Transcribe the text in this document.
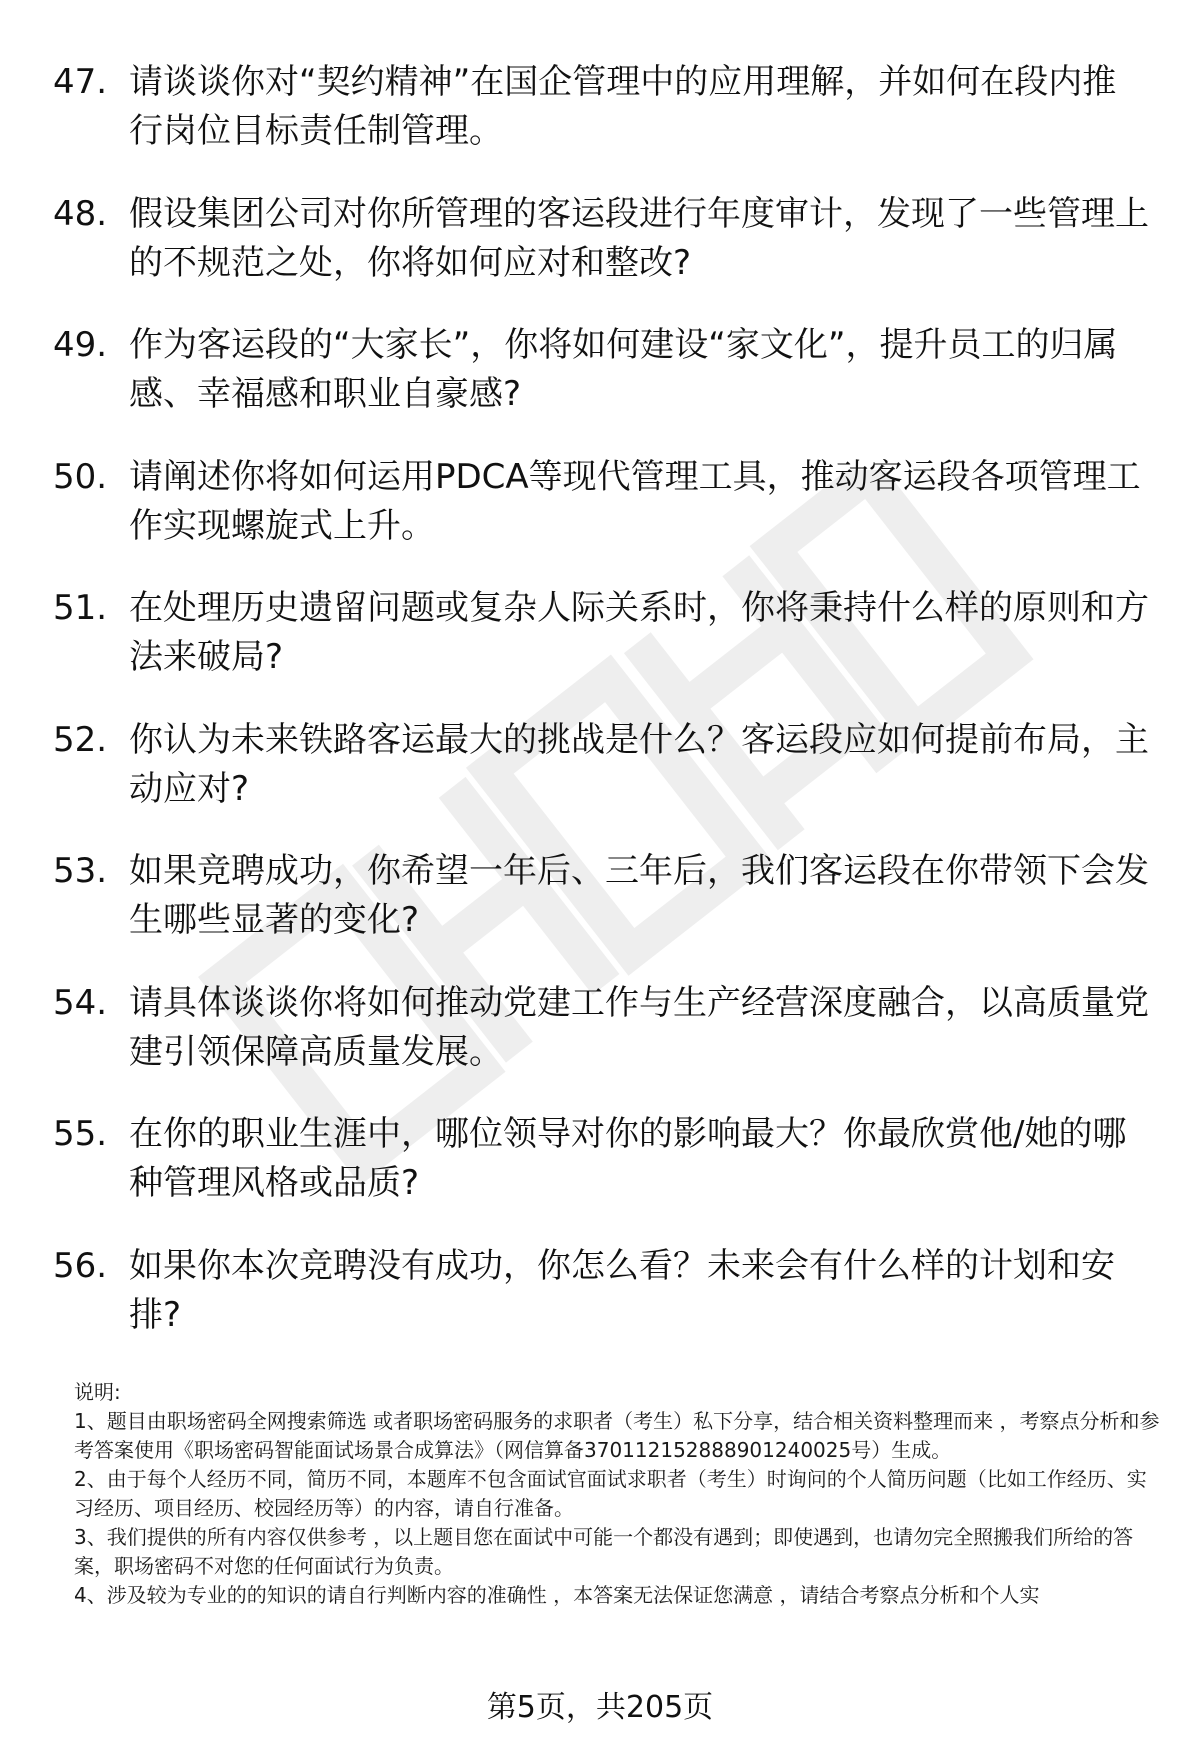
47. 请谈谈你对“契约精神”在国企管理中的应用理解，并如何在段内推行岗位目标责任制管理。
48. 假设集团公司对你所管理的客运段进行年度审计，发现了一些管理上的不规范之处，你将如何应对和整改?
49. 作为客运段的“大家长”，你将如何建设“家文化”，提升员工的归属感、幸福感和职业自豪感?
50. 请阐述你将如何运用PDCA等现代管理工具，推动客运段各项管理工作实现螺旋式上升。
51. 在处理历史遗留问题或复杂人际关系时，你将秉持什么样的原则和方法来破局?
52. 你认为未来铁路客运最大的挑战是什么？客运段应如何提前布局，主动应对?
53. 如果竞聘成功，你希望一年后、三年后，我们客运段在你带领下会发生哪些显著的变化?
54. 请具体谈谈你将如何推动党建工作与生产经营深度融合，以高质量党建引领保障高质量发展。
55. 在你的职业生涯中，哪位领导对你的影响最大？你最欣赏他/她的哪种管理风格或品质?
56. 如果你本次竞聘没有成功，你怎么看？未来会有什么样的计划和安排?

说明:

1、题目由职场密码全网搜索筛选 或者职场密码服务的求职者（考生）私下分享，结合相关资料整理而来 ，考察点分析和参考答案使用《职场密码智能面试场景合成算法》（网信算备370112152888901240025号）生成。

2、由于每个人经历不同，简历不同，本题库不包含面试官面试求职者（考生）时询问的个人简历问题（比如工作经历、实习经历、项目经历、校园经历等）的内容，请自行准备。

3、我们提供的所有内容仅供参考 ，以上题目您在面试中可能一个都没有遇到；即使遇到，也请勿完全照搬我们所给的答案，职场密码不对您的任何面试行为负责。

4、涉及较为专业的的知识的请自行判断内容的准确性 ，本答案无法保证您满意 ，请结合考察点分析和个人实

第5页，共205页
